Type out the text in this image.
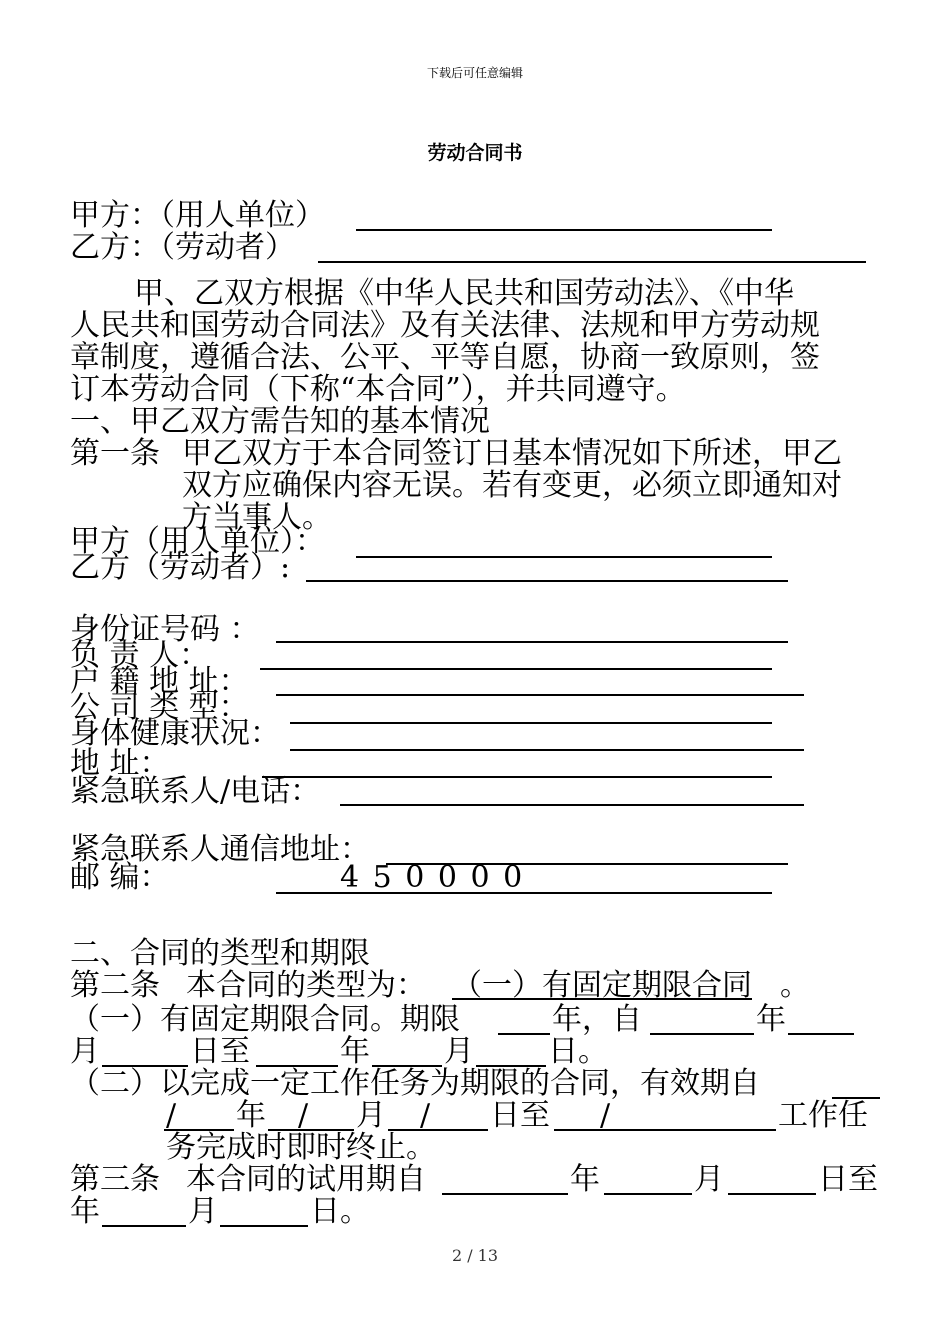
下载后可任意编辑
劳动合同书
甲方：（用人单位）
乙方：（劳动者）
甲、乙双方根据《中华人民共和国劳动法》、《中华
人民共和国劳动合同法》及有关法律、法规和甲方劳动规
章制度，遵循合法、公平、平等自愿，协商一致原则，签
订本劳动合同（下称“本合同”），并共同遵守。
一、甲乙双方需告知的基本情况
第一条 甲乙双方于本合同签订日基本情况如下所述，甲乙
双方应确保内容无误。若有变更，必须立即通知对
方当事人。
甲方（用人单位）：
乙方（劳动者）:
身份证号码 ：
负 责 人：
户 籍 地 址：
公 司 类 型：
身体健康状况：
地 址：
紧急联系人/电话：
紧急联系人通信地址：
邮 编：	4 5 0 0 0 0
二、合同的类型和期限
第二条 本合同的类型为： （一）有固定期限合同 。
（一）有固定期限合同。期限	年，自	年
月	日至	年 月 日。
（二）以完成一定工作任务为期限的合同，有效期自
/ 年 / 月 / 日至 /	工作任
务完成时即时终止。
第三条 本合同的试用期自	年	月	日至
年	月	日。
2 / 13
